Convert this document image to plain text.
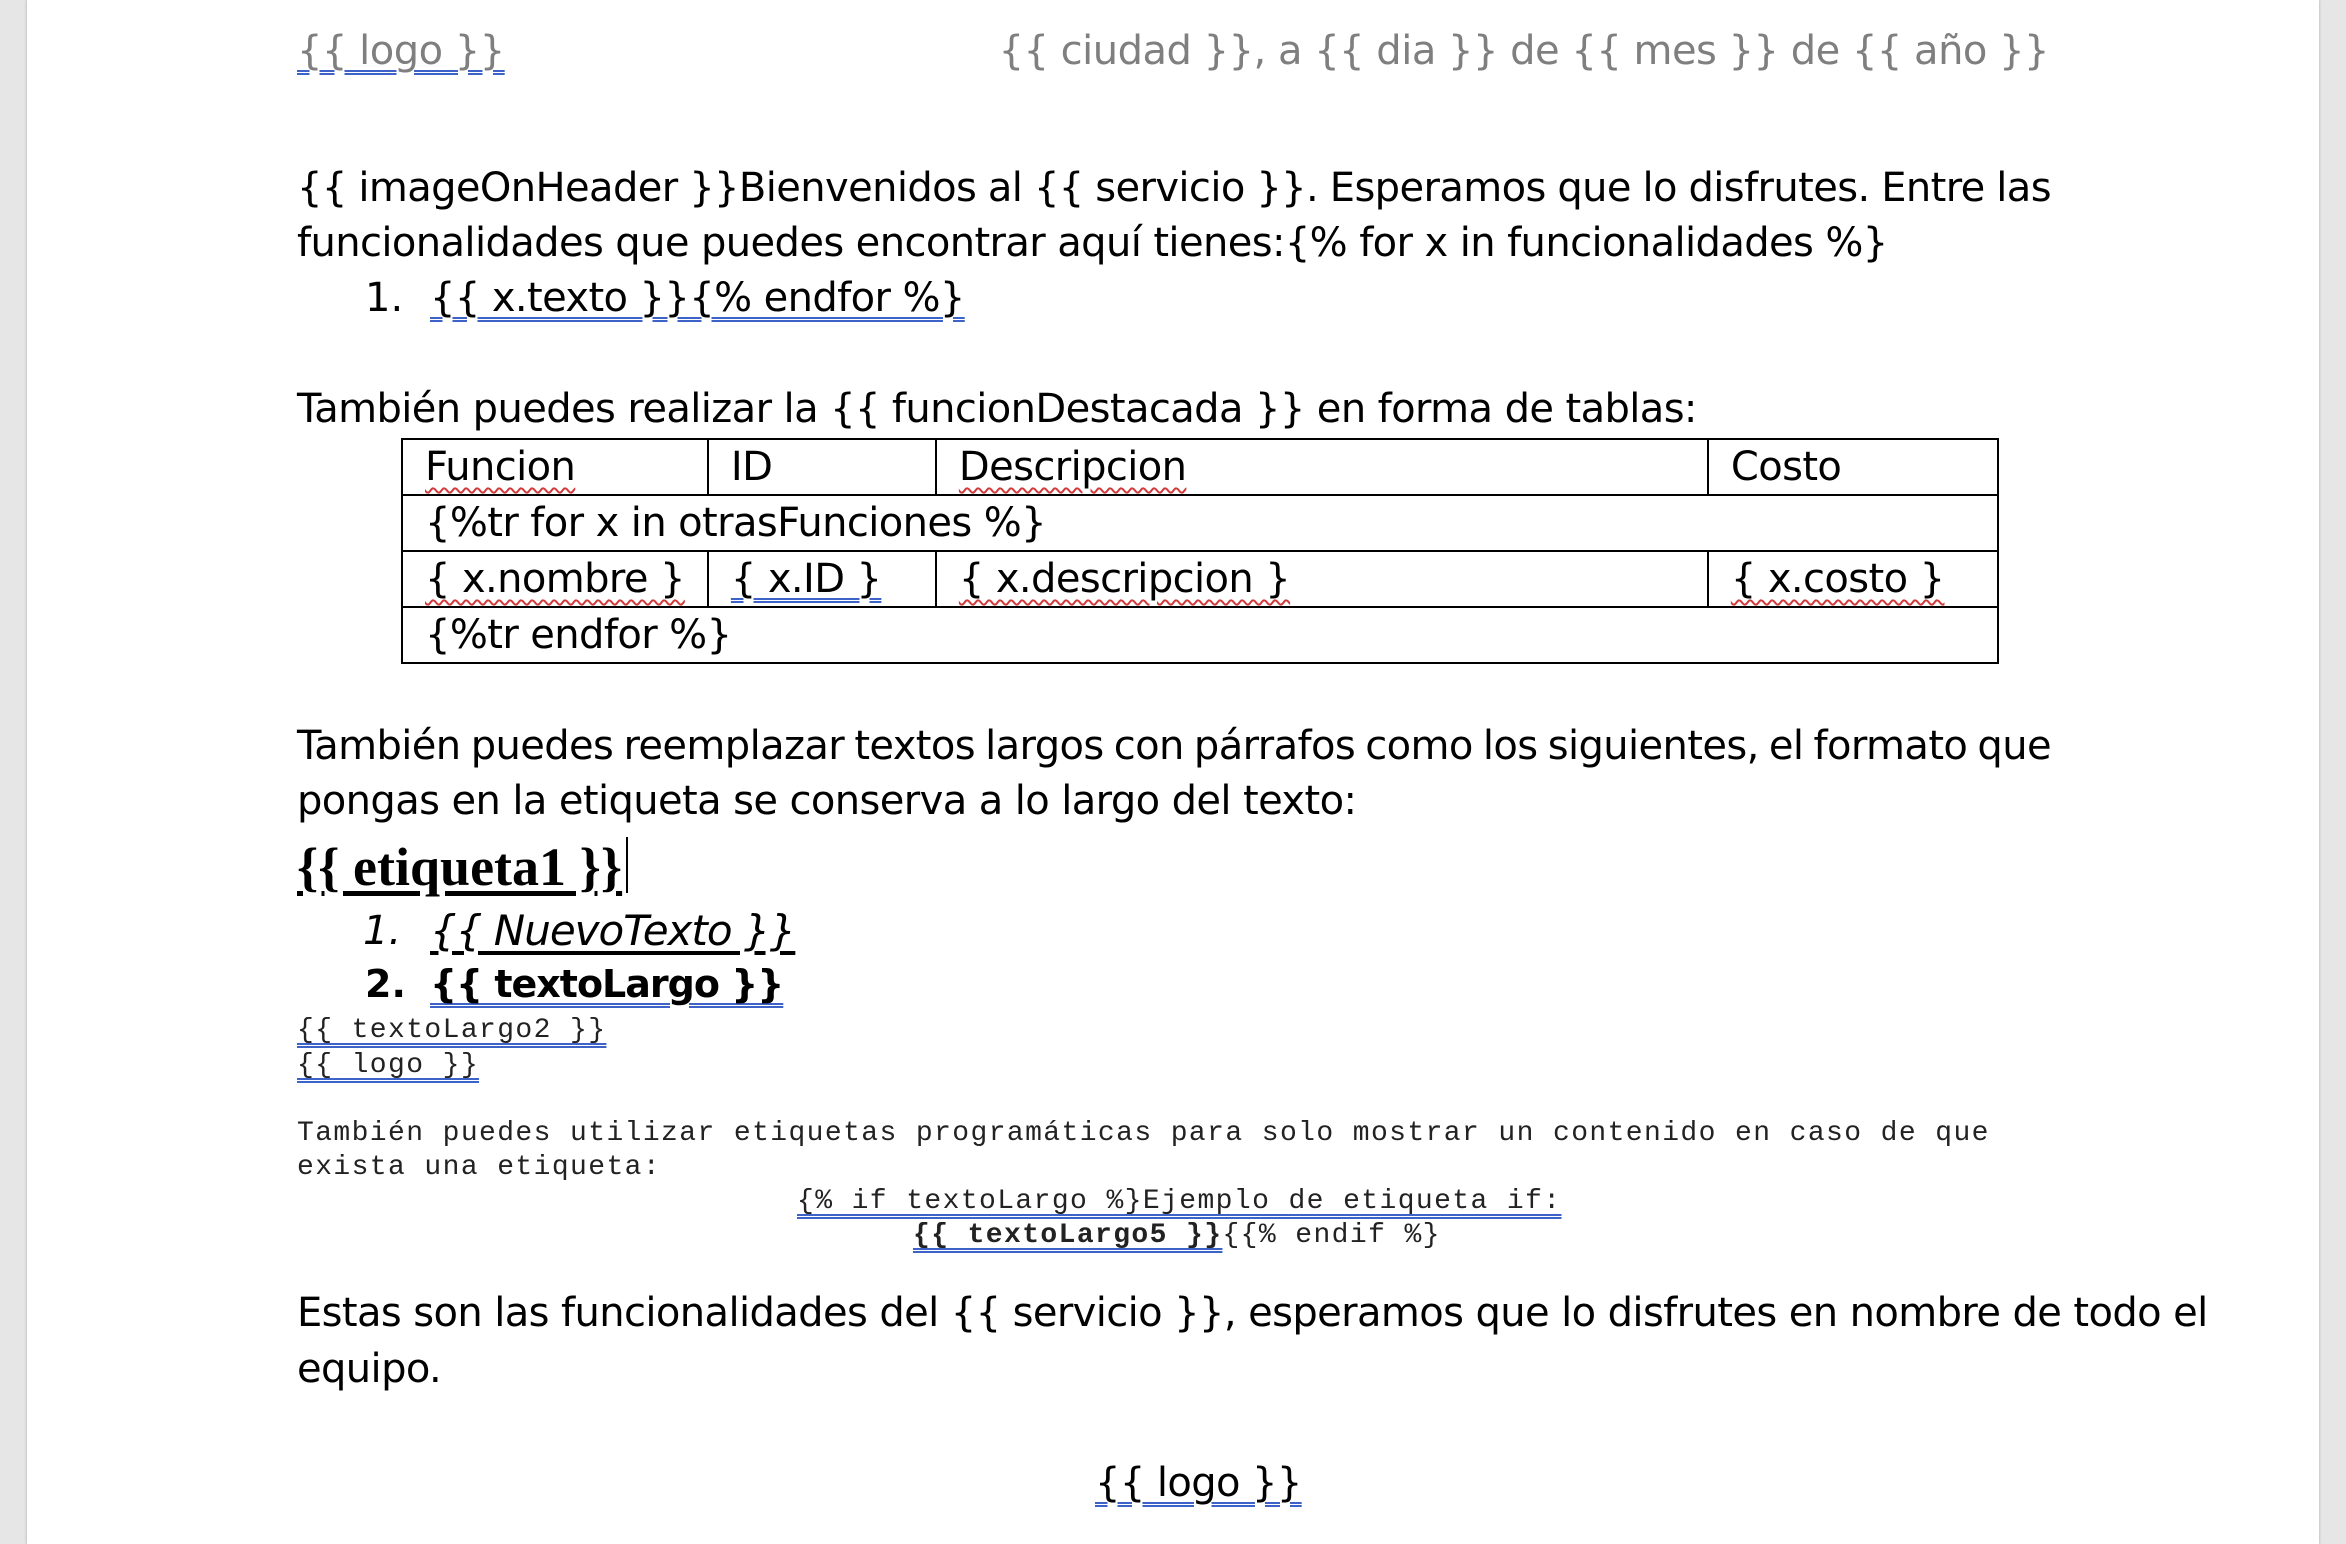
{{ logo }}	{{ ciudad }}, a {{ dia }} de {{ mes }} de {{ año }}
{{ imageOnHeader }}Bienvenidos al {{ servicio }}. Esperamos que lo disfrutes. Entre las
funcionalidades que puedes encontrar aquí tienes:{% for x in funcionalidades %}
1. {{ x.texto }}{% endfor %}
También puedes realizar la {{ funcionDestacada }} en forma de tablas:
Funcion	ID	Descripcion	Costo
{%tr for x in otrasFunciones %}			
{ x.nombre }	{ x.ID }	{ x.descripcion }	{ x.costo }
{%tr endfor %}			
También puedes reemplazar textos largos con párrafos como los siguientes, el formato que
pongas en la etiqueta se conserva a lo largo del texto:
{{ etiqueta1 }}
1. {{ NuevoTexto }}
2. {{ textoLargo }}
{{ textoLargo2 }}
{{ logo }}
También puedes utilizar etiquetas programáticas para solo mostrar un contenido en caso de que
exista una etiqueta:
{% if textoLargo %}Ejemplo de etiqueta if:
{{ textoLargo5 }}{{% endif %}
Estas son las funcionalidades del {{ servicio }}, esperamos que lo disfrutes en nombre de todo el
equipo.
{{ logo }}
